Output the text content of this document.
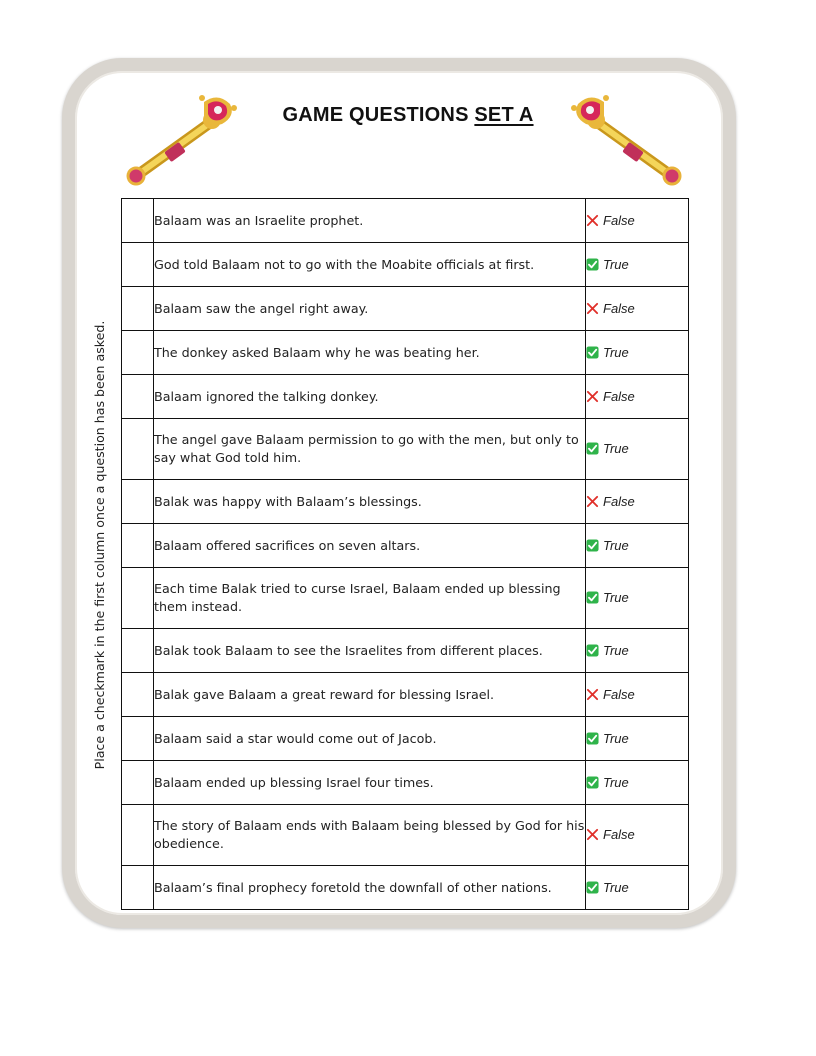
GAME QUESTIONS SET A
Place a checkmark in the first column once a question has been asked.
	Balaam was an Israelite prophet.	False
	God told Balaam not to go with the Moabite officials at first.	True
	Balaam saw the angel right away.	False
	The donkey asked Balaam why he was beating her.	True
	Balaam ignored the talking donkey.	False
	The angel gave Balaam permission to go with the men, but only to say what God told him.	True
	Balak was happy with Balaam’s blessings.	False
	Balaam offered sacrifices on seven altars.	True
	Each time Balak tried to curse Israel, Balaam ended up blessing them instead.	True
	Balak took Balaam to see the Israelites from different places.	True
	Balak gave Balaam a great reward for blessing Israel.	False
	Balaam said a star would come out of Jacob.	True
	Balaam ended up blessing Israel four times.	True
	The story of Balaam ends with Balaam being blessed by God for his obedience.	False
	Balaam’s final prophecy foretold the downfall of other nations.	True
